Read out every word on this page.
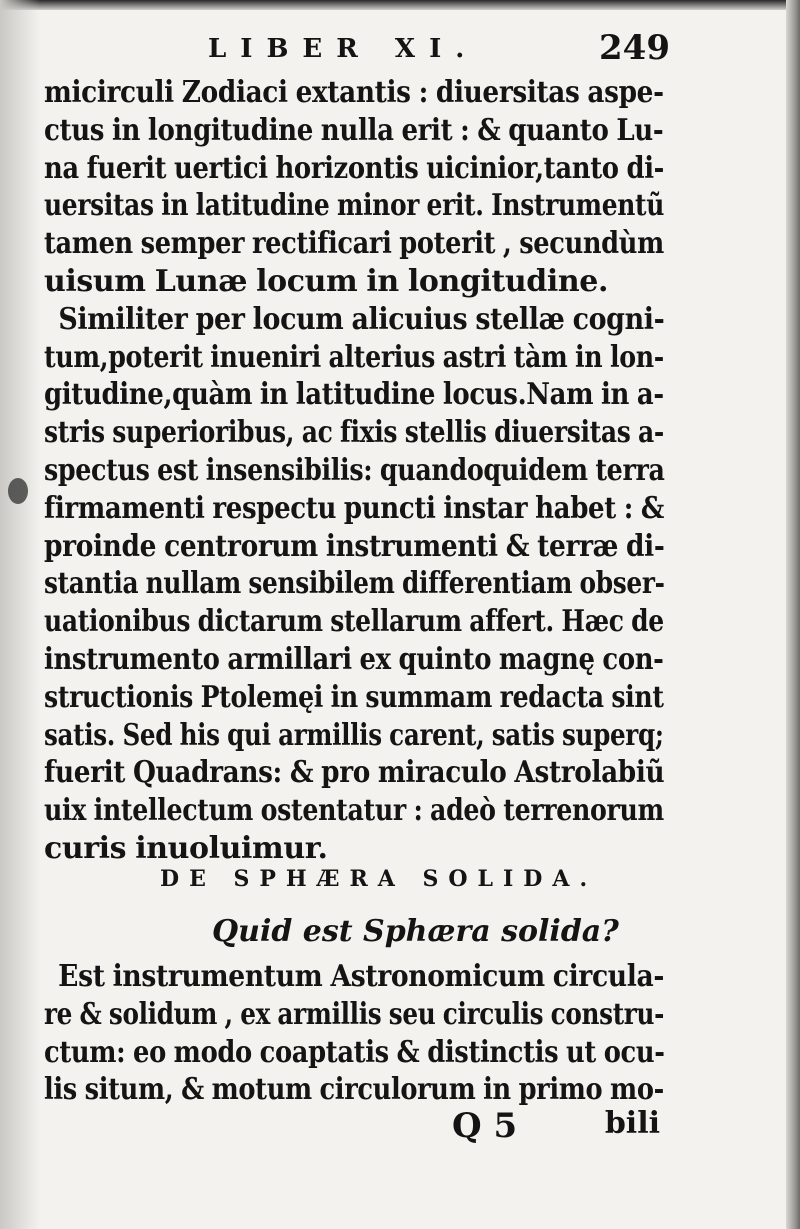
LIBER XI.	249
micirculi Zodiaci extantis : diuersitas aspe-
ctus in longitudine nulla erit : & quanto Lu-
na fuerit uertici horizontis uicinior,tanto di-
uersitas in latitudine minor erit. Instrumentũ
tamen semper rectificari poterit , secundùm
uisum Lunæ locum in longitudine.
Similiter per locum alicuius stellæ cogni-
tum,poterit inueniri alterius astri tàm in lon-
gitudine,quàm in latitudine locus.Nam in a-
stris superioribus, ac fixis stellis diuersitas a-
spectus est insensibilis: quandoquidem terra
firmamenti respectu puncti instar habet : &
proinde centrorum instrumenti & terræ di-
stantia nullam sensibilem differentiam obser-
uationibus dictarum stellarum affert. Hæc de
instrumento armillari ex quinto magnę con-
structionis Ptolemęi in summam redacta sint
satis. Sed his qui armillis carent, satis superq;
fuerit Quadrans: & pro miraculo Astrolabiũ
uix intellectum ostentatur : adeò terrenorum
curis inuoluimur.
DE SPHÆRA SOLIDA.
Quid est Sphæra solida?
Est instrumentum Astronomicum circula-
re & solidum , ex armillis seu circulis constru-
ctum: eo modo coaptatis & distinctis ut ocu-
lis situm, & motum circulorum in primo mo-
Q 5	bili
